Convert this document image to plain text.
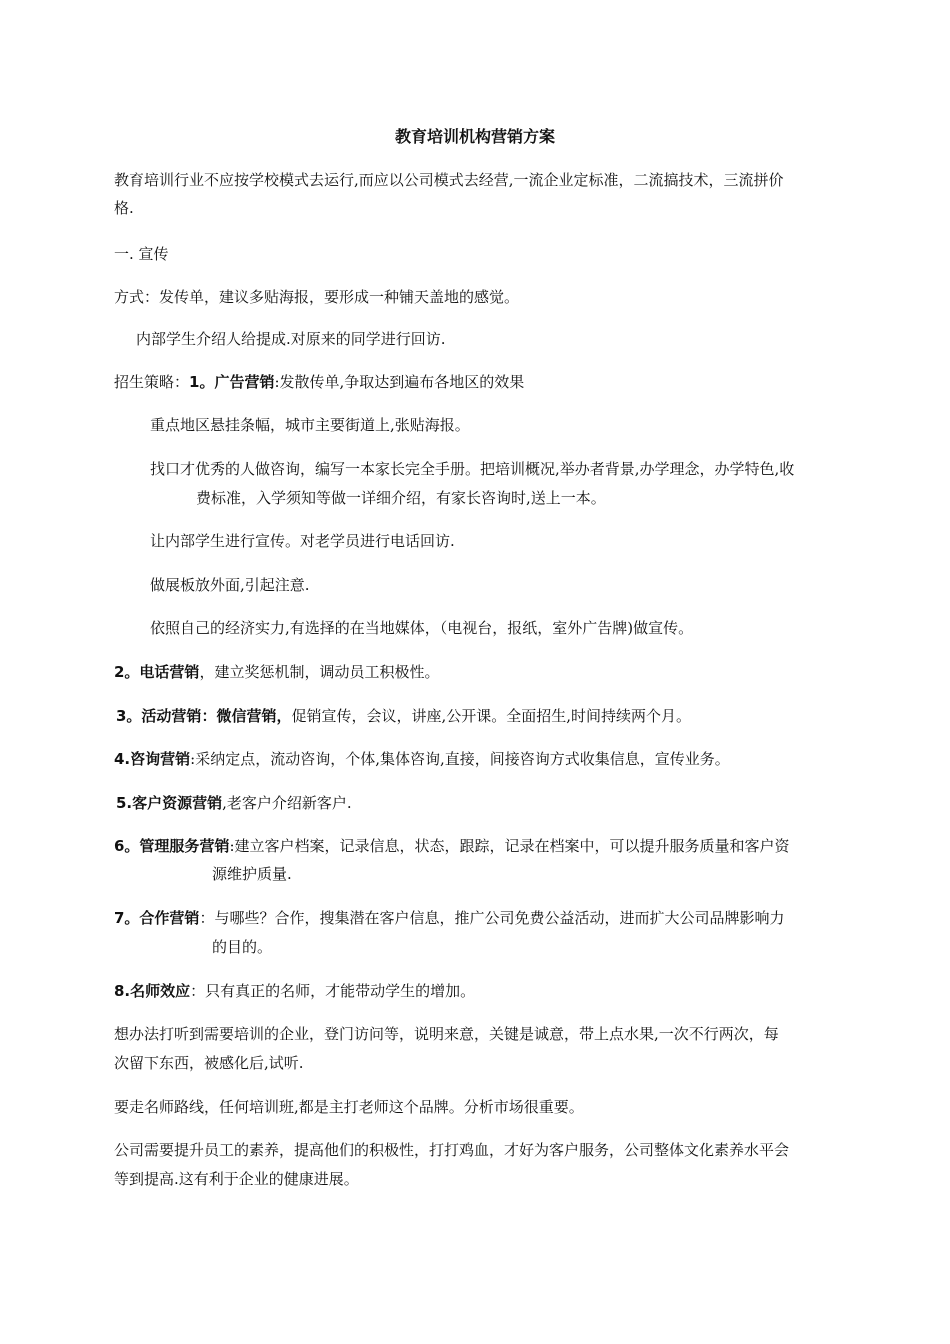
教育培训机构营销方案

教育培训行业不应按学校模式去运行,而应以公司模式去经营,一流企业定标准，二流搞技术，三流拼价

格.

一. 宣传

方式：发传单，建议多贴海报，要形成一种铺天盖地的感觉。

内部学生介绍人给提成.对原来的同学进行回访.

招生策略：1。广告营销:发散传单,争取达到遍布各地区的效果

重点地区悬挂条幅，城市主要街道上,张贴海报。

找口才优秀的人做咨询，编写一本家长完全手册。把培训概况,举办者背景,办学理念，办学特色,收

费标准，入学须知等做一详细介绍，有家长咨询时,送上一本。

让内部学生进行宣传。对老学员进行电话回访.

做展板放外面,引起注意.

依照自己的经济实力,有选择的在当地媒体，（电视台，报纸，室外广告牌)做宣传。

2。电话营销，建立奖惩机制，调动员工积极性。

3。活动营销：微信营销，促销宣传，会议，讲座,公开课。全面招生,时间持续两个月。

4.咨询营销:采纳定点，流动咨询，个体,集体咨询,直接，间接咨询方式收集信息，宣传业务。

5.客户资源营销,老客户介绍新客户.

6。管理服务营销:建立客户档案，记录信息，状态，跟踪，记录在档案中，可以提升服务质量和客户资

源维护质量.

7。合作营销：与哪些？合作，搜集潜在客户信息，推广公司免费公益活动，进而扩大公司品牌影响力

的目的。

8.名师效应：只有真正的名师，才能带动学生的增加。

想办法打听到需要培训的企业，登门访问等，说明来意，关键是诚意，带上点水果,一次不行两次，每

次留下东西，被感化后,试听.

要走名师路线，任何培训班,都是主打老师这个品牌。分析市场很重要。

公司需要提升员工的素养，提高他们的积极性，打打鸡血，才好为客户服务，公司整体文化素养水平会

等到提高.这有利于企业的健康进展。
